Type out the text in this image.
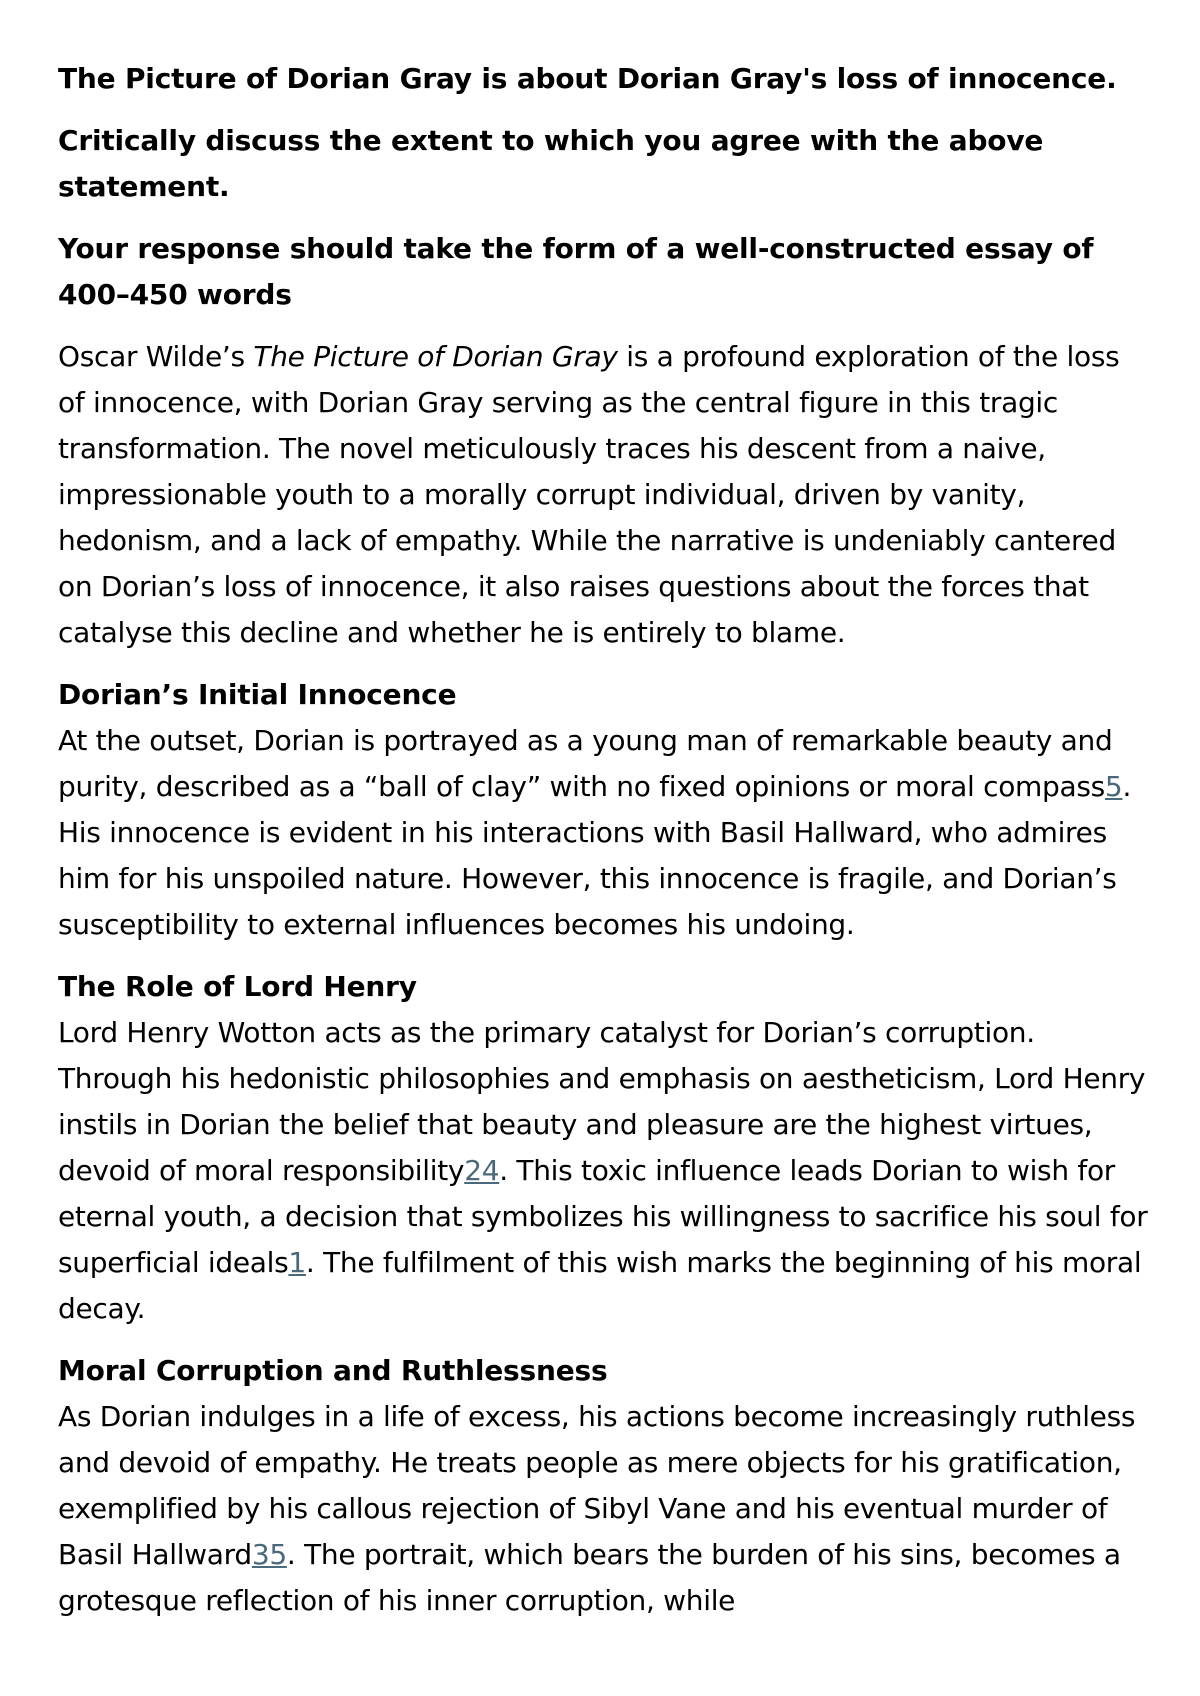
The Picture of Dorian Gray is about Dorian Gray's loss of innocence.

Critically discuss the extent to which you agree with the above statement.

Your response should take the form of a well-constructed essay of 400–450 words

Oscar Wilde’s The Picture of Dorian Gray is a profound exploration of the loss of innocence, with Dorian Gray serving as the central figure in this tragic transformation. The novel meticulously traces his descent from a naive, impressionable youth to a morally corrupt individual, driven by vanity, hedonism, and a lack of empathy. While the narrative is undeniably cantered on Dorian’s loss of innocence, it also raises questions about the forces that catalyse this decline and whether he is entirely to blame.

Dorian’s Initial Innocence

At the outset, Dorian is portrayed as a young man of remarkable beauty and purity, described as a “ball of clay” with no fixed opinions or moral compass5. His innocence is evident in his interactions with Basil Hallward, who admires him for his unspoiled nature. However, this innocence is fragile, and Dorian’s susceptibility to external influences becomes his undoing.

The Role of Lord Henry

Lord Henry Wotton acts as the primary catalyst for Dorian’s corruption. Through his hedonistic philosophies and emphasis on aestheticism, Lord Henry instils in Dorian the belief that beauty and pleasure are the highest virtues, devoid of moral responsibility24. This toxic influence leads Dorian to wish for eternal youth, a decision that symbolizes his willingness to sacrifice his soul for superficial ideals1. The fulfilment of this wish marks the beginning of his moral decay.

Moral Corruption and Ruthlessness

As Dorian indulges in a life of excess, his actions become increasingly ruthless and devoid of empathy. He treats people as mere objects for his gratification, exemplified by his callous rejection of Sibyl Vane and his eventual murder of Basil Hallward35. The portrait, which bears the burden of his sins, becomes a grotesque reflection of his inner corruption, while
